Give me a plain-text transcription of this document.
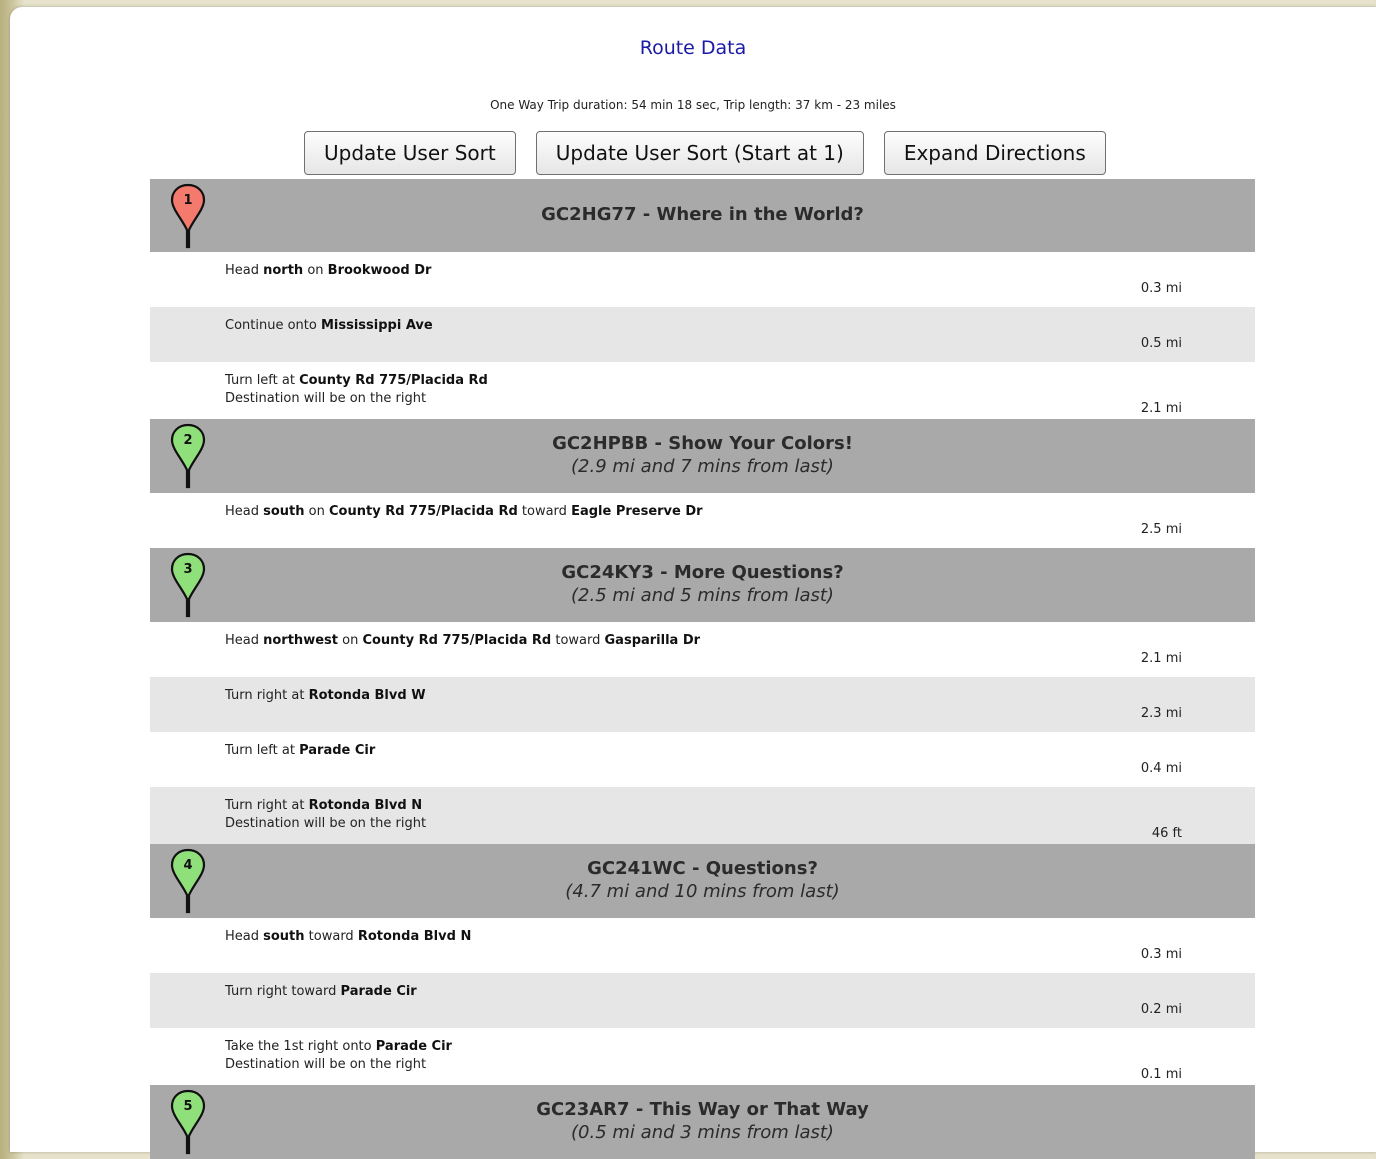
Route Data
One Way Trip duration: 54 min 18 sec, Trip length: 37 km - 23 miles
Update User Sort	Update User Sort (Start at 1)	Expand Directions
1
GC2HG77 - Where in the World?
Head north on Brookwood Dr
0.3 mi
Continue onto Mississippi Ave
0.5 mi
Turn left at County Rd 775/Placida Rd
Destination will be on the right
2.1 mi
2	GC2HPBB - Show Your Colors!
(2.9 mi and 7 mins from last)
Head south on County Rd 775/Placida Rd toward Eagle Preserve Dr
2.5 mi
3	GC24KY3 - More Questions?
(2.5 mi and 5 mins from last)
Head northwest on County Rd 775/Placida Rd toward Gasparilla Dr
2.1 mi
Turn right at Rotonda Blvd W
2.3 mi
Turn left at Parade Cir
0.4 mi
Turn right at Rotonda Blvd N
Destination will be on the right
46 ft
4	GC241WC - Questions?
(4.7 mi and 10 mins from last)
Head south toward Rotonda Blvd N
0.3 mi
Turn right toward Parade Cir
0.2 mi
Take the 1st right onto Parade Cir
Destination will be on the right
0.1 mi
5	GC23AR7 - This Way or That Way
(0.5 mi and 3 mins from last)
